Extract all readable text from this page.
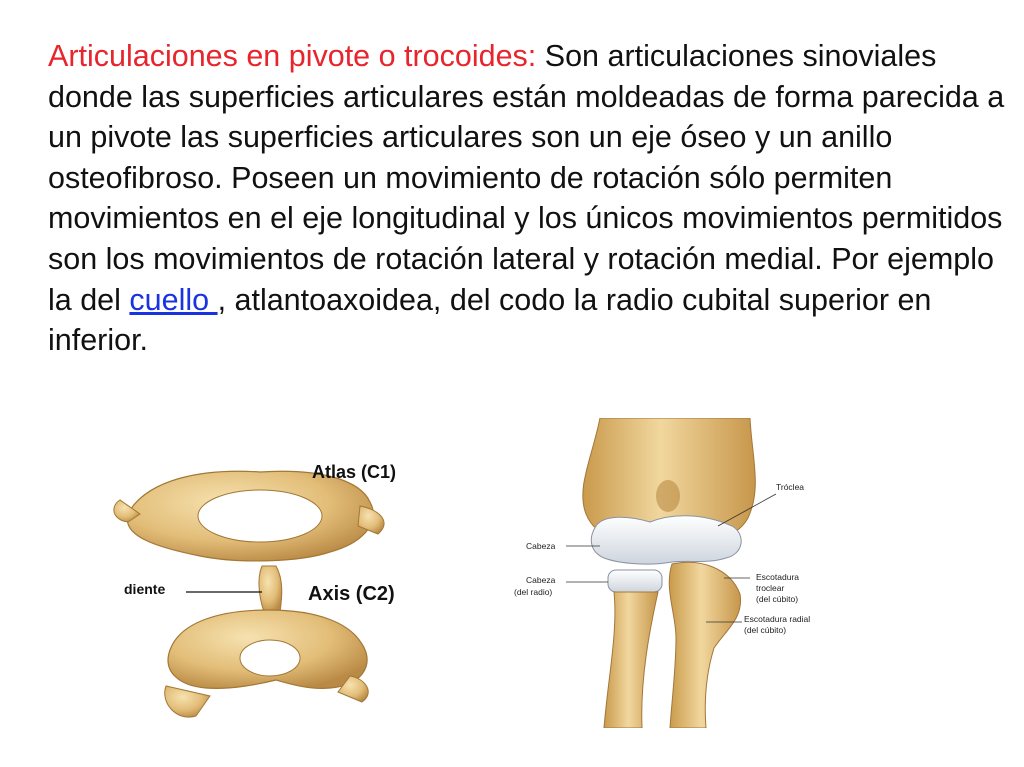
Articulaciones en pivote o trocoides: Son articulaciones sinoviales donde las superficies articulares están moldeadas de forma parecida a un pivote las superficies articulares son un eje óseo y un anillo osteofibroso. Poseen un movimiento de rotación sólo permiten movimientos en el eje longitudinal y los únicos movimientos permitidos son los movimientos de rotación lateral y rotación medial. Por ejemplo la del cuello , atlantoaxoidea, del codo la radio cubital superior en inferior.

Atlas (C1)
Axis (C2)
diente
Tróclea
Cabeza
Cabeza
(del radio)
Escotadura
troclear
(del cúbito)
Escotadura radial
(del cúbito)
